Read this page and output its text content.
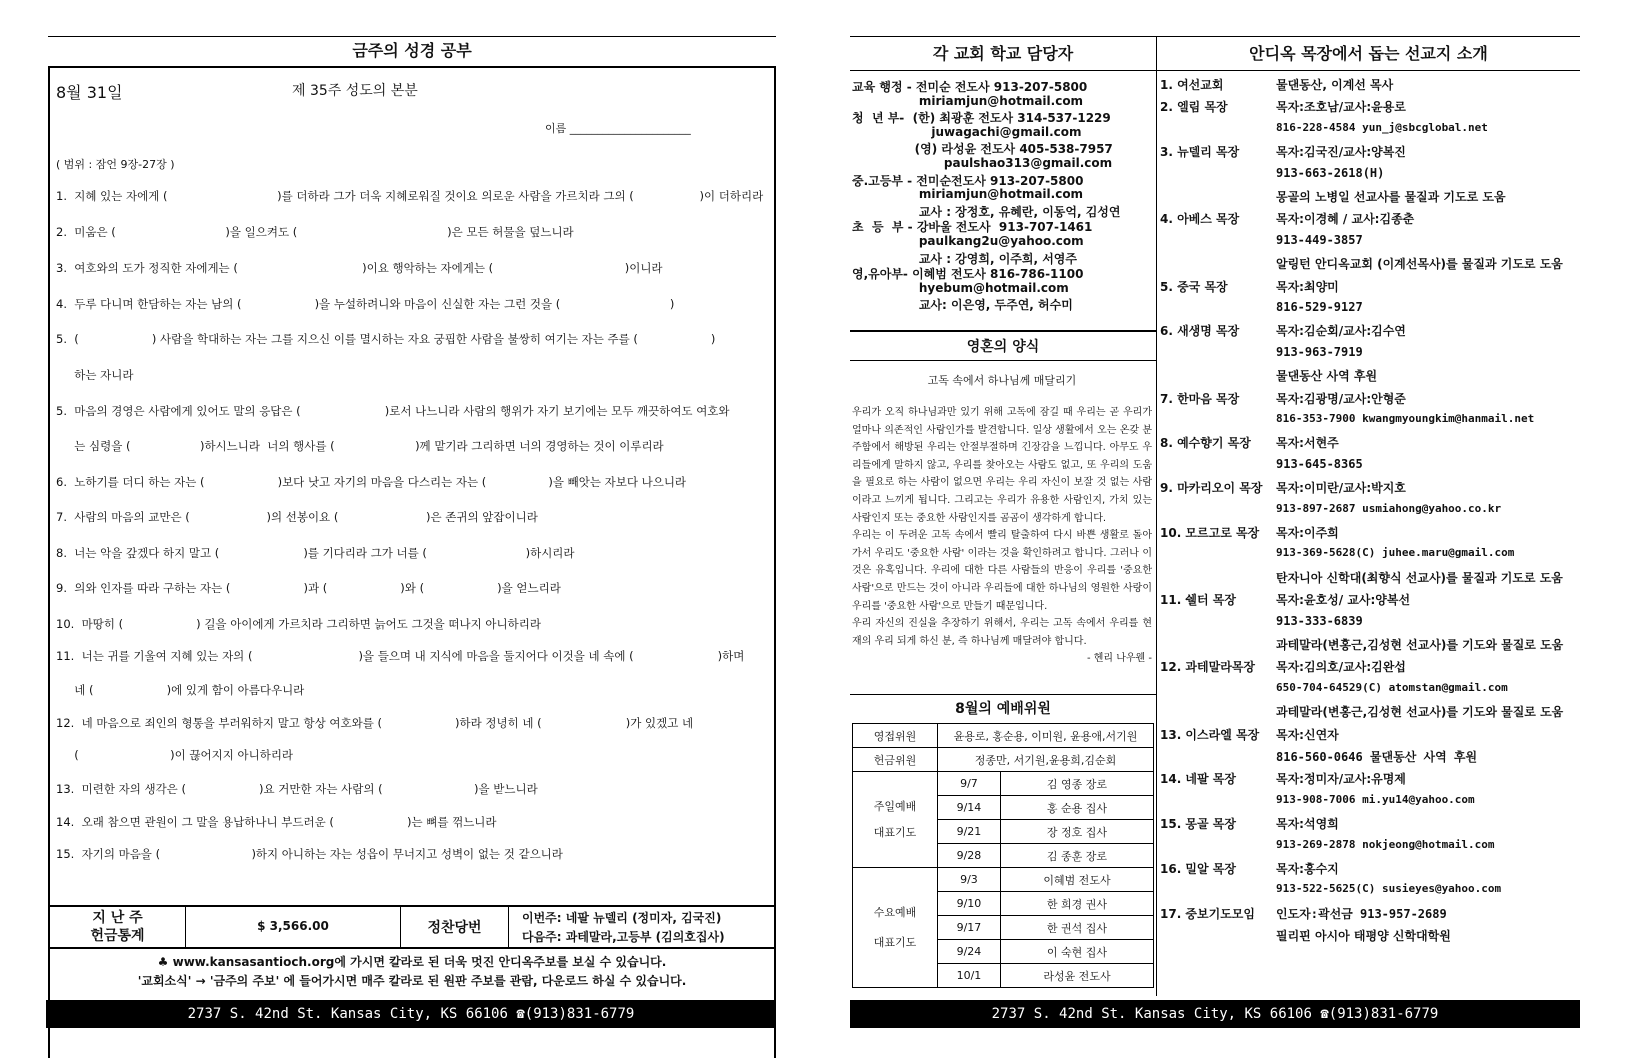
금주의 성경 공부
8월 31일	제 35주 성도의 본분
이름 ______________________
( 범위 : 잠언 9장-27장 )
1.  지혜 있는 자에게 (                              )를 더하라 그가 더욱 지혜로워질 것이요 의로운 사람을 가르치라 그의 (                  )이 더하리라
2.  미움은 (                              )을 일으켜도 (                                         )은 모든 허물을 덮느니라
3.  여호와의 도가 정직한 자에게는 (                                  )이요 행악하는 자에게는 (                                    )이니라
4.  두루 다니며 한담하는 자는 남의 (                    )을 누설하려니와 마음이 신실한 자는 그런 것을 (                              )
5.  (                    ) 사람을 학대하는 자는 그를 지으신 이를 멸시하는 자요 궁핍한 사람을 불쌍히 여기는 자는 주를 (                    )
하는 자니라
5.  마음의 경영은 사람에게 있어도 말의 응답은 (                       )로서 나느니라 사람의 행위가 자기 보기에는 모두 깨끗하여도 여호와
는 심령을 (                   )하시느니라  너의 행사를 (                      )께 맡기라 그리하면 너의 경영하는 것이 이루리라
6.  노하기를 더디 하는 자는 (                    )보다 낫고 자기의 마음을 다스리는 자는 (                 )을 빼앗는 자보다 나으니라
7.  사람의 마음의 교만은 (                     )의 선봉이요 (                        )은 존귀의 앞잡이니라
8.  너는 악을 갚겠다 하지 말고 (                       )를 기다리라 그가 너를 (                           )하시리라
9.  의와 인자를 따라 구하는 자는 (                    )과 (                    )와 (                    )을 얻느리라
10.  마땅히 (                    ) 길을 아이에게 가르치라 그리하면 늙어도 그것을 떠나지 아니하리라
11.  너는 귀를 기울여 지혜 있는 자의 (                             )을 들으며 내 지식에 마음을 둘지어다 이것을 네 속에 (                       )하며
네 (                    )에 있게 함이 아름다우니라
12.  네 마음으로 죄인의 형통을 부러워하지 말고 항상 여호와를 (                    )하라 정녕히 네 (                       )가 있겠고 네
(                         )이 끊어지지 아니하리라
13.  미련한 자의 생각은 (                    )요 거만한 자는 사람의 (                         )을 받느니라
14.  오래 참으면 관원이 그 말을 용납하나니 부드러운 (                    )는 뼈를 꺾느니라
15.  자기의 마음을 (                         )하지 아니하는 자는 성읍이 무너지고 성벽이 없는 것 같으니라
지 난 주
헌금통계
$ 3,566.00	정찬당번
이번주: 네팔 뉴델리 (정미자, 김국진)
다음주: 과테말라,고등부 (김의호집사)
♣ www.kansasantioch.org에 가시면 칼라로 된 더욱 멋진 안디옥주보를 보실 수 있습니다.
'교회소식' → '금주의 주보' 에 들어가시면 매주 칼라로 된 원판 주보를 관람, 다운로드 하실 수 있습니다.
2737 S. 42nd St. Kansas City, KS 66106 ☎(913)831-6779
각 교회 학교 담당자	안디옥 목장에서 돕는 선교지 소개
교육 행정 - 전미순 전도사 913-207-5800
miriamjun@hotmail.com
청  년 부-  (한) 최광훈 전도사 314-537-1229
juwagachi@gmail.com
(영) 라성윤 전도사 405-538-7957
paulshao313@gmail.com
중.고등부 - 전미순전도사 913-207-5800
miriamjun@hotmail.com
교사 : 장정호, 유혜란, 이동억, 김성연
초  등  부 - 강바울 전도사  913-707-1461
paulkang2u@yahoo.com
교사 : 강영희, 이주희, 서영주
영,유아부- 이혜범 전도사 816-786-1100
hyebum@hotmail.com
교사: 이은영, 두주연, 허수미
영혼의 양식
고독 속에서 하나님께 매달리기
우리가 오직 하나님과만 있기 위해 고독에 잠길 때 우리는 곧 우리가 얼마나 의존적인 사람인가를 발견합니다. 일상 생활에서 오는 온갖 분주함에서 해방된 우리는 안절부절하며 긴장감을 느낍니다. 아무도 우리들에게 말하지 않고, 우리를 찾아오는 사람도 없고, 또 우리의 도움을 필요로 하는 사람이 없으면 우리는 우리 자신이 보잘 것 없는 사람이라고 느끼게 됩니다. 그리고는 우리가 유용한 사람인지, 가치 있는 사람인지 또는 중요한 사람인지를 곰곰이 생각하게 합니다.
우리는 이 두려운 고독 속에서 빨리 탈출하여 다시 바쁜 생활로 돌아가서 우리도 '중요한 사람' 이라는 것을 확인하려고 합니다. 그러나 이것은 유혹입니다. 우리에 대한 다른 사람들의 반응이 우리를 '중요한 사람'으로 만드는 것이 아니라 우리들에 대한 하나님의 영원한 사랑이 우리를 '중요한 사람'으로 만들기 때문입니다.
우리 자신의 진실을 추장하기 위해서, 우리는 고독 속에서 우리를 현재의 우리 되게 하신 분, 즉 하나님께 매달려야 합니다.
- 헨리 나우웬 -
8월의 예배위원
영접위원	윤용로, 홍순용, 이미원, 윤용애,서기원	
헌금위원	정종만, 서기원,윤용희,김순회	

주일예배
대표기도	9/7	김 영종 장로
	9/14	홍 순용 집사
	9/21	장 정호 집사
	9/28	김 종훈 장로

수요예배
대표기도	9/3	이혜범 전도사
	9/10	한 희경 권사
	9/17	한 권석 집사
	9/24	이 숙현 집사
	10/1	라성윤 전도사
1. 여선교회	물댄동산, 이계선 목사
2. 엘림 목장	목자:조호남/교사:윤용로
816-228-4584 yun_j@sbcglobal.net
3. 뉴델리 목장	목자:김국진/교사:양복진
913-663-2618(H)
몽골의 노병일 선교사를 물질과 기도로 도움
4. 아베스 목장	목자:이경혜 / 교사:김종춘
913-449-3857
알링턴 안디옥교회 (이계선목사)를 물질과 기도로 도움
5. 중국 목장	목자:최양미
816-529-9127
6. 새생명 목장	목자:김순회/교사:김수연
913-963-7919
물댄동산 사역 후원
7. 한마음 목장	목자:김광명/교사:안형준
816-353-7900 kwangmyoungkim@hanmail.net
8. 예수향기 목장 목자:서현주
913-645-8365
9. 마카리오이 목장 목자:이미란/교사:박지호
913-897-2687 usmiahong@yahoo.co.kr
10. 모르고로 목장 목자:이주희
913-369-5628(C) juhee.maru@gmail.com
탄자니아 신학대(최향식 선교사)를 물질과 기도로 도움
11. 쉘터 목장	목자:윤호성/ 교사:양복선
913-333-6839
과테말라(변홍근,김성현 선교사)를 기도와 물질로 도움
12. 과테말라목장 목자:김의호/교사:김완섭
650-704-64529(C) atomstan@gmail.com
과테말라(변홍근,김성현 선교사)를 기도와 물질로 도움
13. 이스라엘 목장 목자:신연자
816-560-0646 물댄동산 사역 후원
14. 네팔 목장	목자:정미자/교사:유명제
913-908-7006 mi.yu14@yahoo.com
15. 몽골 목장	목자:석영희
913-269-2878 nokjeong@hotmail.com
16. 밀알 목장	목자:홍수지
913-522-5625(C) susieyes@yahoo.com
17. 중보기도모임 인도자:곽선금 913-957-2689
필리핀 아시아 태평양 신학대학원
2737 S. 42nd St. Kansas City, KS 66106 ☎(913)831-6779
